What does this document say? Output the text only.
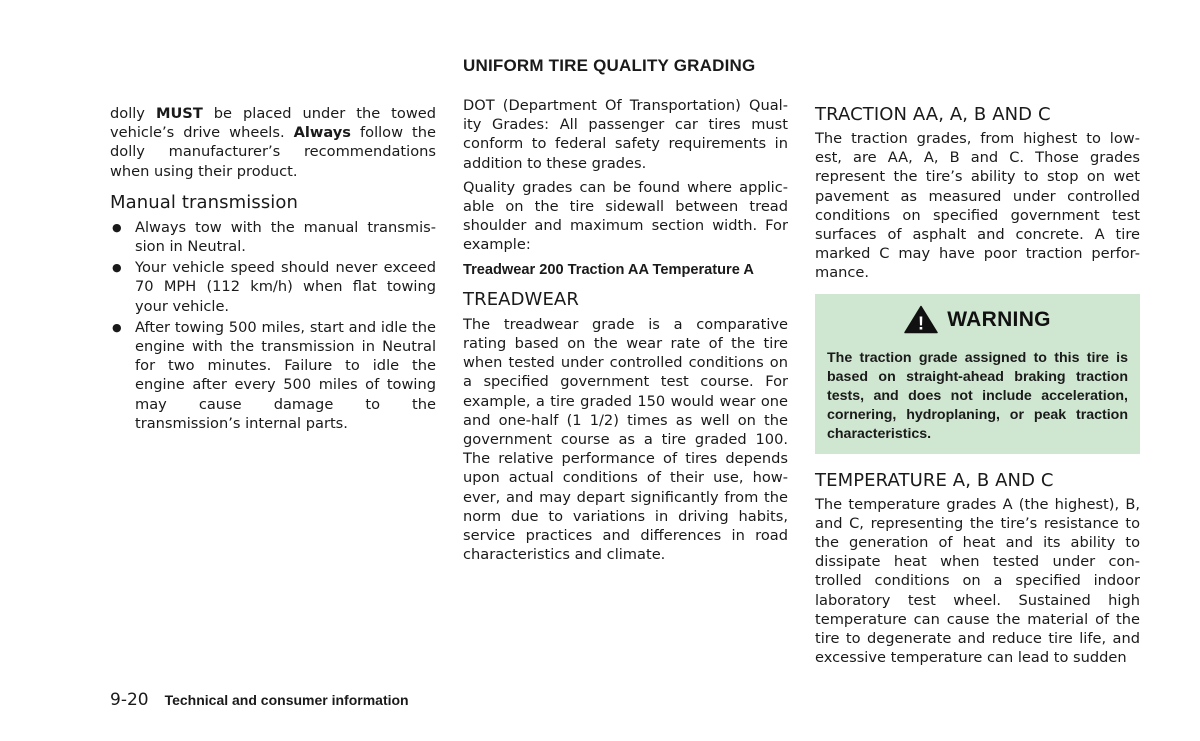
UNIFORM TIRE QUALITY GRADING

dolly MUST be placed under the towed vehicle’s drive wheels. Always follow the dolly manufacturer’s recommendations when using their product.

Manual transmission
● Always tow with the manual transmis-sion in Neutral.
● Your vehicle speed should never exceed 70 MPH (112 km/h) when flat towing your vehicle.
● After towing 500 miles, start and idle the engine with the transmission in Neutral for two minutes. Failure to idle the engine after every 500 miles of towing may cause damage to the transmission’s internal parts.

DOT (Department Of Transportation) Qual-ity Grades: All passenger car tires must conform to federal safety requirements in addition to these grades.

Quality grades can be found where applic-able on the tire sidewall between tread shoulder and maximum section width. For example:

Treadwear 200 Traction AA Temperature A

TREADWEAR

The treadwear grade is a comparative rating based on the wear rate of the tire when tested under controlled conditions on a specified government test course. For example, a tire graded 150 would wear one and one-half (1 1/2) times as well on the government course as a tire graded 100. The relative performance of tires depends upon actual conditions of their use, how-ever, and may depart significantly from the norm due to variations in driving habits, service practices and differences in road characteristics and climate.

TRACTION AA, A, B AND C

The traction grades, from highest to low-est, are AA, A, B and C. Those grades represent the tire’s ability to stop on wet pavement as measured under controlled conditions on specified government test surfaces of asphalt and concrete. A tire marked C may have poor traction perfor-mance.

! WARNING

The traction grade assigned to this tire is based on straight-ahead braking traction tests, and does not include acceleration, cornering, hydroplaning, or peak traction characteristics.

TEMPERATURE A, B AND C

The temperature grades A (the highest), B, and C, representing the tire’s resistance to the generation of heat and its ability to dissipate heat when tested under con-trolled conditions on a specified indoor laboratory test wheel. Sustained high temperature can cause the material of the tire to degenerate and reduce tire life, and excessive temperature can lead to sudden

9-20 Technical and consumer information
